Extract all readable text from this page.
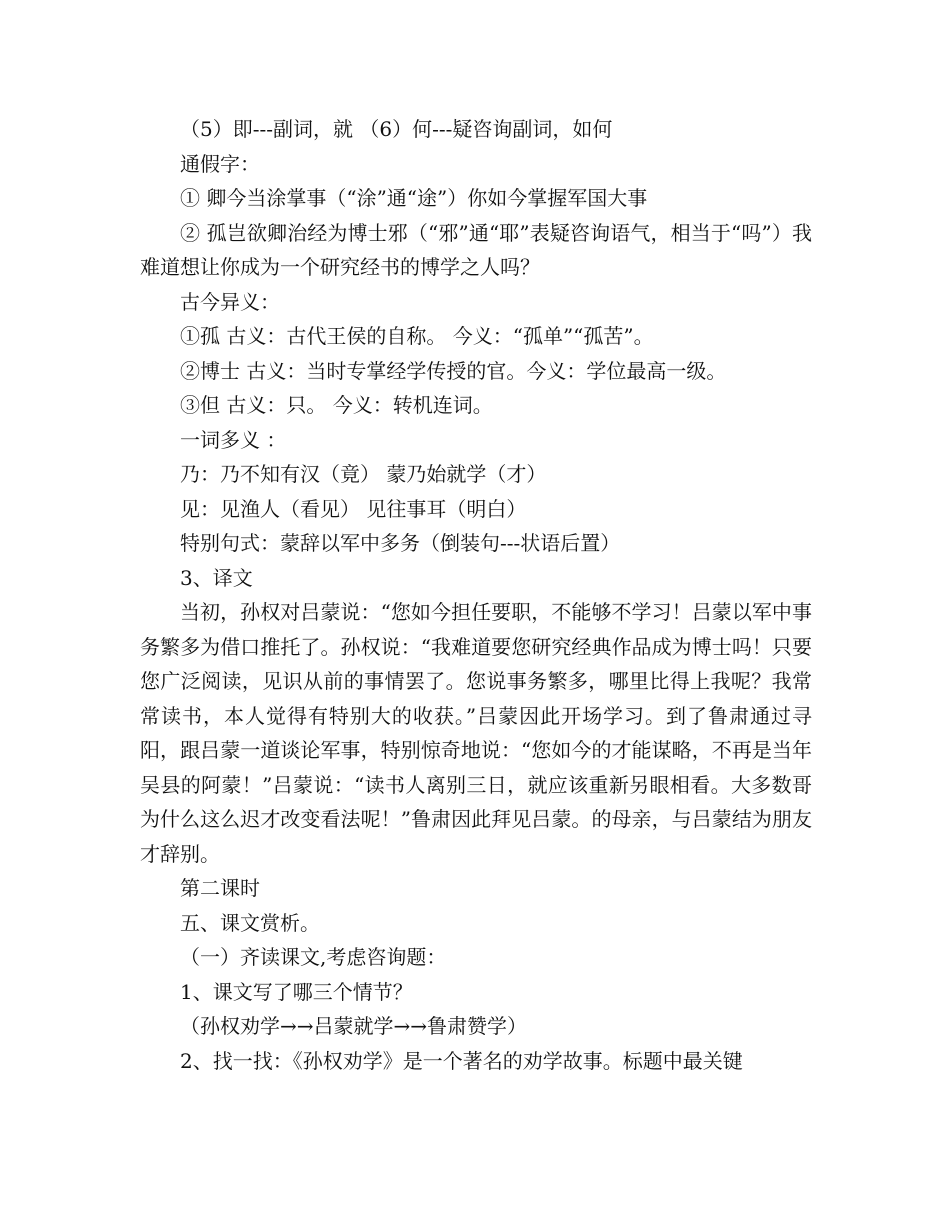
（5）即---副词，就 （6）何---疑咨询副词，如何
通假字：
① 卿今当涂掌事（“涂”通“途”）你如今掌握军国大事
② 孤岂欲卿治经为博士邪（“邪”通“耶”表疑咨询语气，相当于“吗”）我难道想让你成为一个研究经书的博学之人吗？
古今异义：
①孤 古义：古代王侯的自称。 今义：“孤单”“孤苦”。
②博士 古义：当时专掌经学传授的官。今义：学位最高一级。
③但 古义：只。 今义：转机连词。
一词多义 ：
乃：乃不知有汉（竟） 蒙乃始就学（才）
见：见渔人（看见） 见往事耳（明白）
特别句式：蒙辞以军中多务（倒装句---状语后置）
3、译文
当初，孙权对吕蒙说：“您如今担任要职，不能够不学习！吕蒙以军中事务繁多为借口推托了。孙权说：“我难道要您研究经典作品成为博士吗！只要您广泛阅读，见识从前的事情罢了。您说事务繁多，哪里比得上我呢？我常常读书，本人觉得有特别大的收获。”吕蒙因此开场学习。到了鲁肃通过寻阳，跟吕蒙一道谈论军事，特别惊奇地说：“您如今的才能谋略，不再是当年吴县的阿蒙！”吕蒙说：“读书人离别三日，就应该重新另眼相看。大多数哥为什么这么迟才改变看法呢！”鲁肃因此拜见吕蒙。的母亲，与吕蒙结为朋友才辞别。
第二课时
五、课文赏析。
（一）齐读课文,考虑咨询题：
1、课文写了哪三个情节？
（孙权劝学→→吕蒙就学→→鲁肃赞学）
2、找一找：《孙权劝学》是一个著名的劝学故事。标题中最关键
